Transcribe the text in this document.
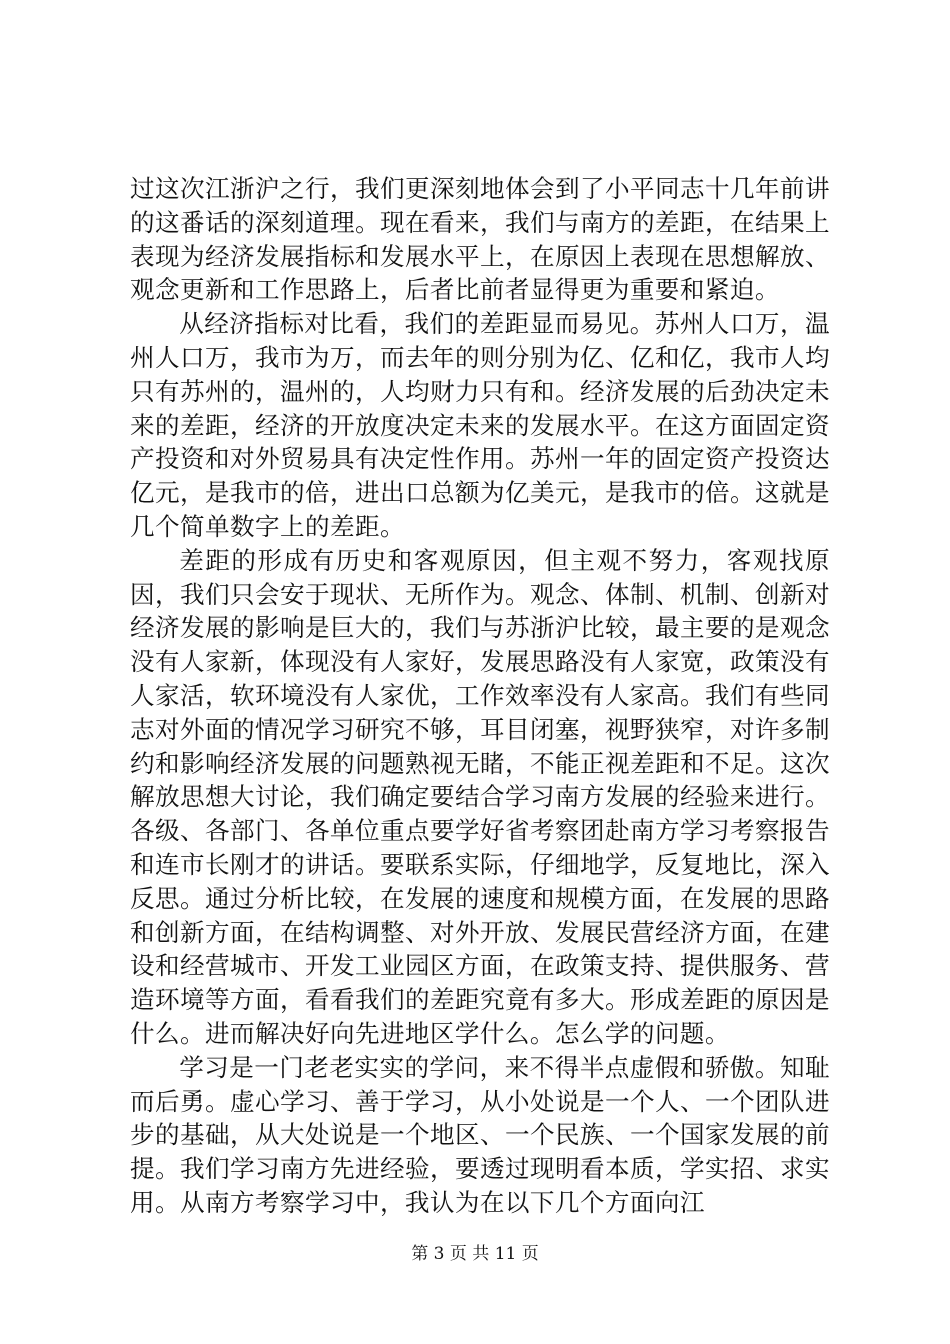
过这次江浙沪之行，我们更深刻地体会到了小平同志十几年前讲的这番话的深刻道理。现在看来，我们与南方的差距，在结果上表现为经济发展指标和发展水平上，在原因上表现在思想解放、观念更新和工作思路上，后者比前者显得更为重要和紧迫。

从经济指标对比看，我们的差距显而易见。苏州人口万，温州人口万，我市为万，而去年的则分别为亿、亿和亿，我市人均只有苏州的，温州的，人均财力只有和。经济发展的后劲决定未来的差距，经济的开放度决定未来的发展水平。在这方面固定资产投资和对外贸易具有决定性作用。苏州一年的固定资产投资达亿元，是我市的倍，进出口总额为亿美元，是我市的倍。这就是几个简单数字上的差距。

差距的形成有历史和客观原因，但主观不努力，客观找原因，我们只会安于现状、无所作为。观念、体制、机制、创新对经济发展的影响是巨大的，我们与苏浙沪比较，最主要的是观念没有人家新，体现没有人家好，发展思路没有人家宽，政策没有人家活，软环境没有人家优，工作效率没有人家高。我们有些同志对外面的情况学习研究不够，耳目闭塞，视野狭窄，对许多制约和影响经济发展的问题熟视无睹，不能正视差距和不足。这次解放思想大讨论，我们确定要结合学习南方发展的经验来进行。各级、各部门、各单位重点要学好省考察团赴南方学习考察报告和连市长刚才的讲话。要联系实际，仔细地学，反复地比，深入反思。通过分析比较，在发展的速度和规模方面，在发展的思路和创新方面，在结构调整、对外开放、发展民营经济方面，在建设和经营城市、开发工业园区方面，在政策支持、提供服务、营造环境等方面，看看我们的差距究竟有多大。形成差距的原因是什么。进而解决好向先进地区学什么。怎么学的问题。

学习是一门老老实实的学问，来不得半点虚假和骄傲。知耻而后勇。虚心学习、善于学习，从小处说是一个人、一个团队进步的基础，从大处说是一个地区、一个民族、一个国家发展的前提。我们学习南方先进经验，要透过现明看本质，学实招、求实用。从南方考察学习中，我认为在以下几个方面向江

第 3 页 共 11 页
